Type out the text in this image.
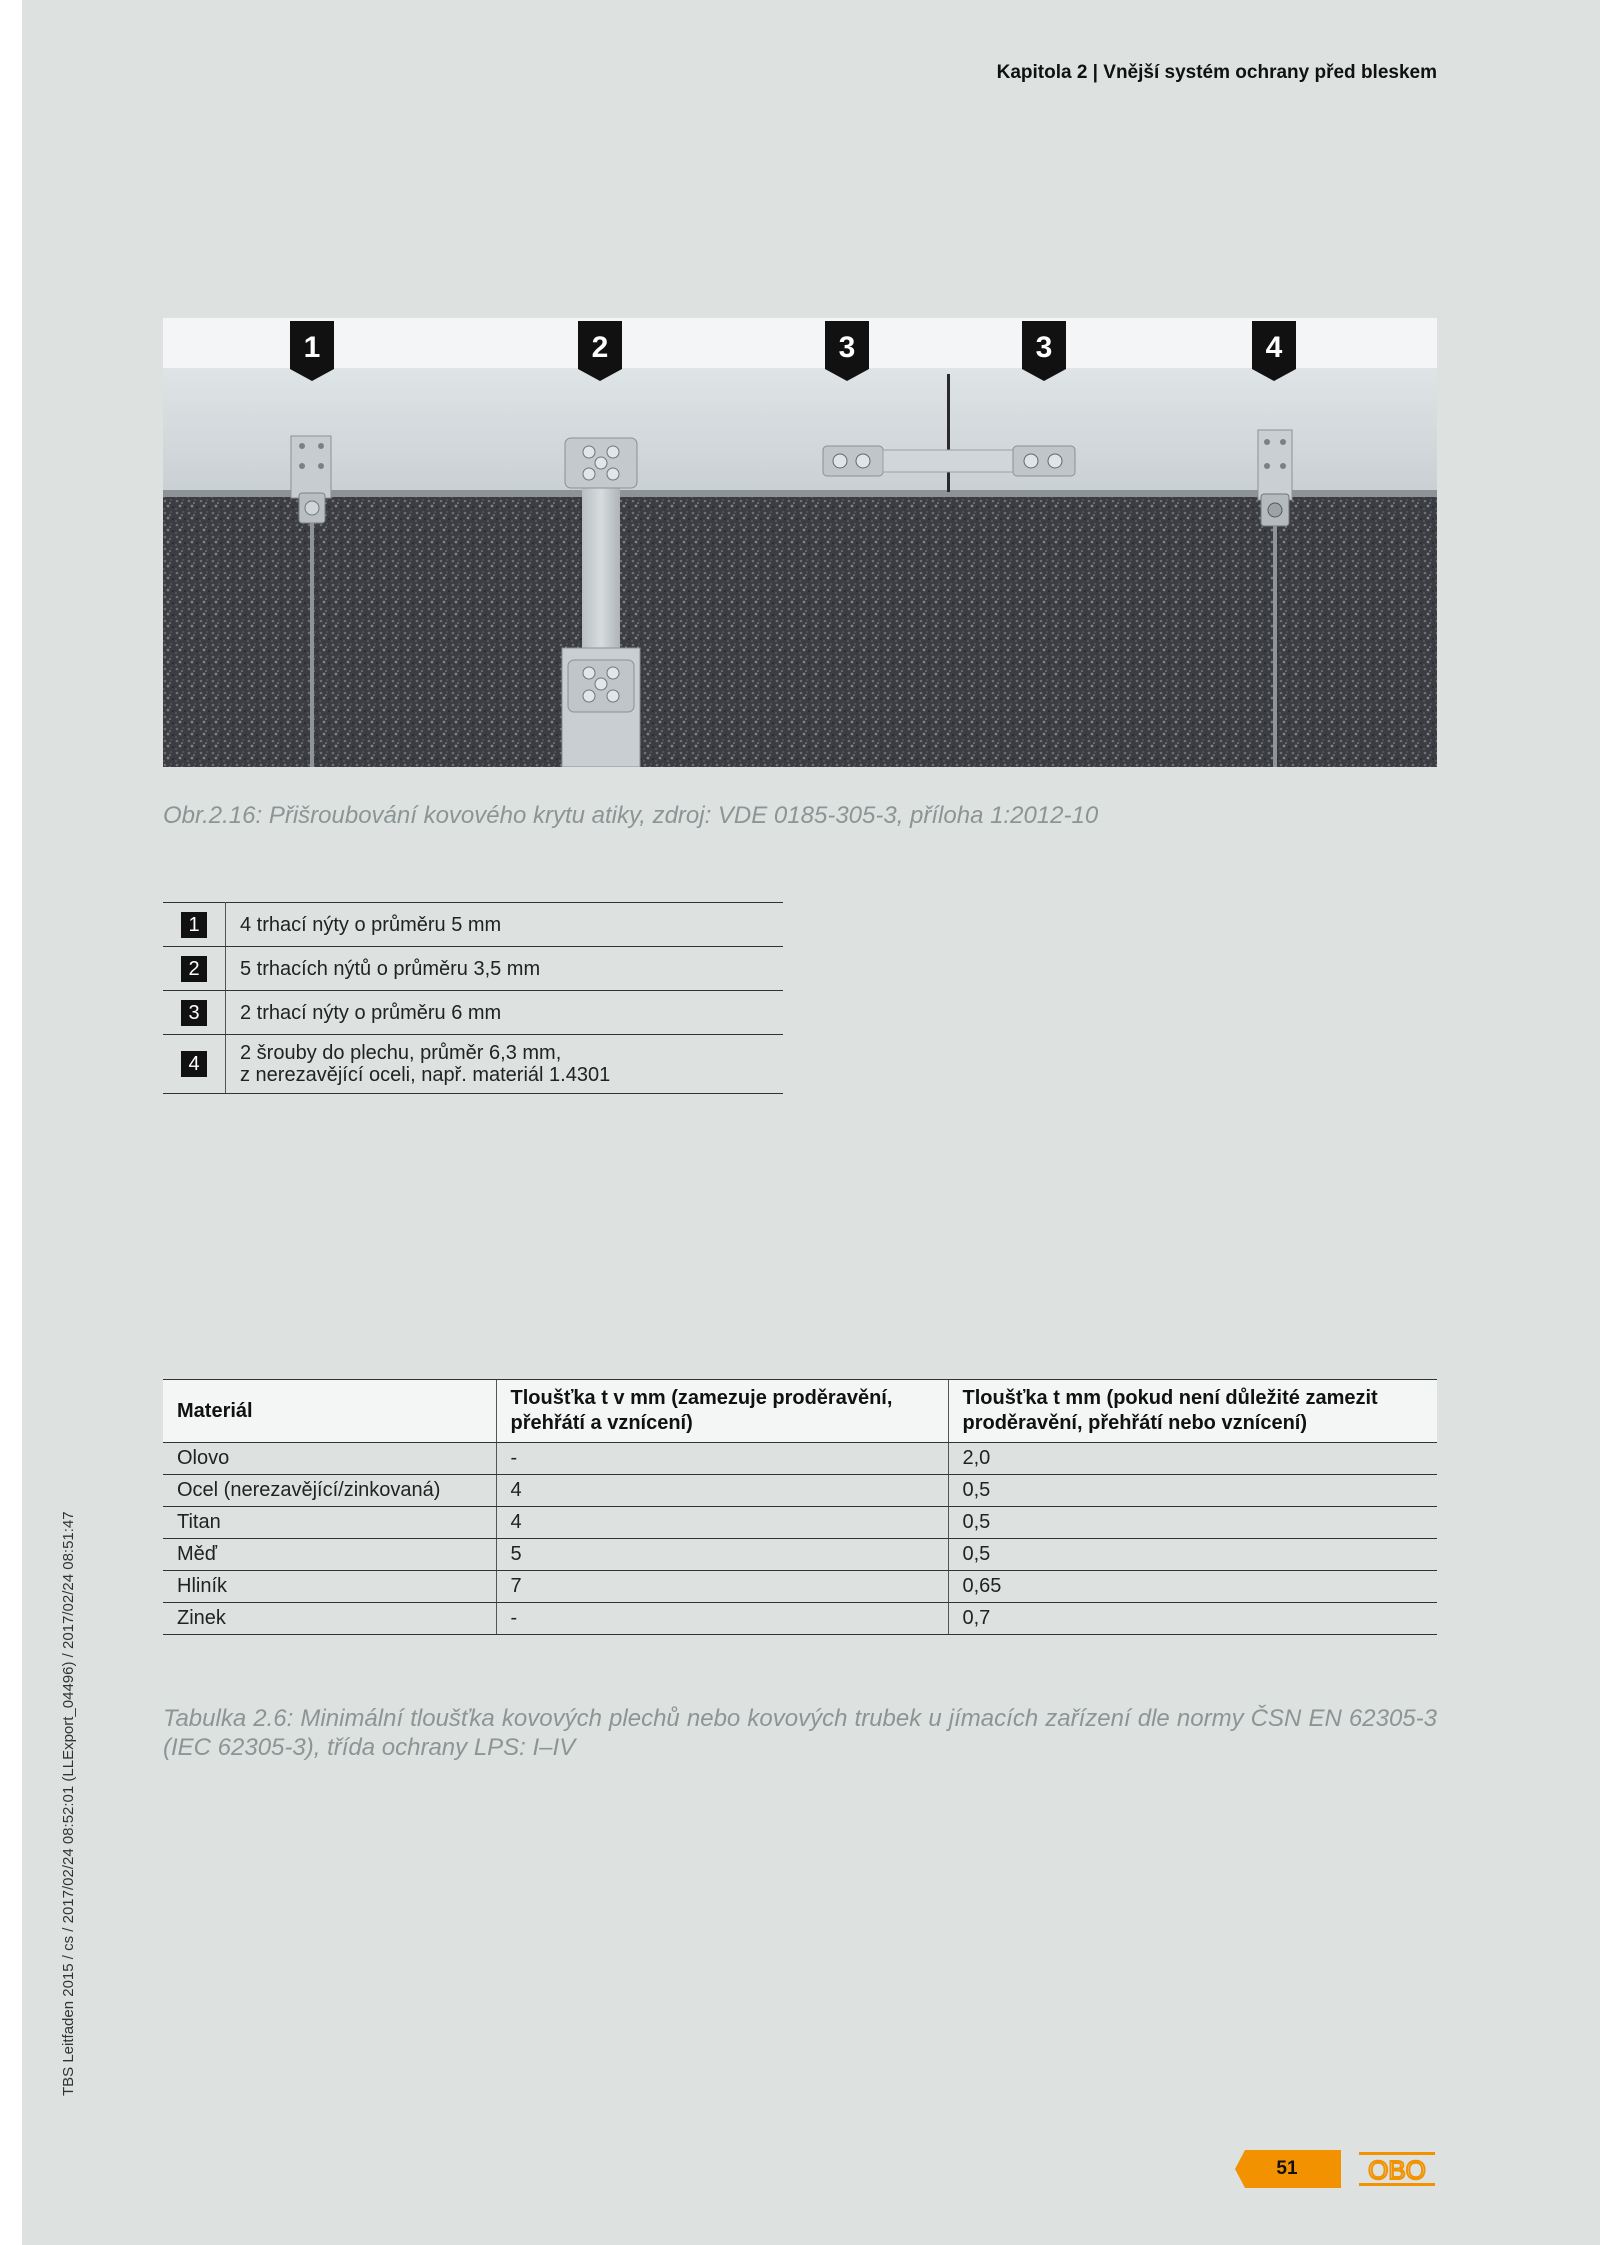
Kapitola 2 | Vnější systém ochrany před bleskem
1	2	3	3	4
Obr.2.16: Přišroubování kovového krytu atiky, zdroj: VDE 0185-305-3, příloha 1:2012-10
1	4 trhací nýty o průměru 5 mm
2	5 trhacích nýtů o průměru 3,5 mm
3	2 trhací nýty o průměru 6 mm
4	2 šrouby do plechu, průměr 6,3 mm,
z nerezavějící oceli, např. materiál 1.4301
Materiál	Tloušťka t v mm (zamezuje proděravění, přehřátí a vznícení)	Tloušťka t mm (pokud není důležité zamezit proděravění, přehřátí nebo vznícení)
Olovo	-	2,0
Ocel (nerezavějící/zinkovaná)	4	0,5
Titan	4	0,5
Měď	5	0,5
Hliník	7	0,65
Zinek	-	0,7
Tabulka 2.6: Minimální tloušťka kovových plechů nebo kovových trubek u jímacích zařízení dle normy ČSN EN 62305-3 (IEC 62305-3), třída ochrany LPS: I–IV
TBS Leitfaden 2015 / cs / 2017/02/24 08:52:01 (LLExport_04496) / 2017/02/24 08:51:47
51	OBO
